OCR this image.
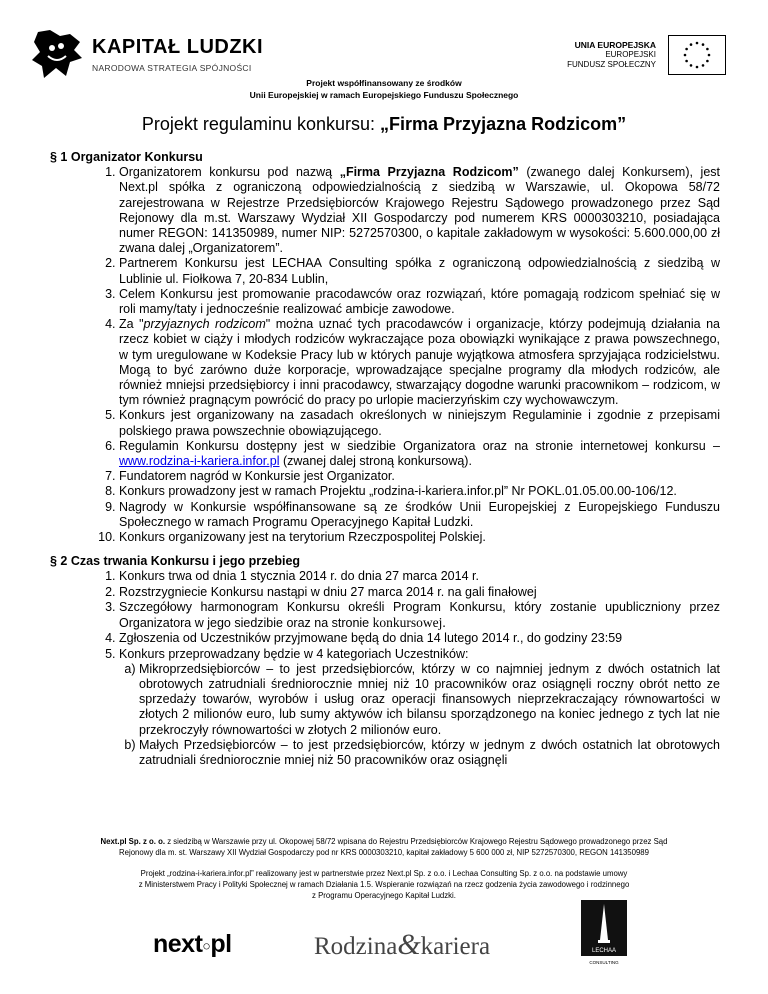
KAPITAŁ LUDZKI
NARODOWA STRATEGIA SPÓJNOŚCI
UNIA EUROPEJSKA
EUROPEJSKI
FUNDUSZ SPOŁECZNY
Projekt współfinansowany ze środków
Unii Europejskiej w ramach Europejskiego Funduszu Społecznego
Projekt regulaminu konkursu: „Firma Przyjazna Rodzicom”

§ 1 Organizator Konkursu

1. Organizatorem konkursu pod nazwą „Firma Przyjazna Rodzicom” (zwanego dalej Konkursem), jest Next.pl spółka z ograniczoną odpowiedzialnością z siedzibą w Warszawie, ul. Okopowa 58/72 zarejestrowana w Rejestrze Przedsiębiorców Krajowego Rejestru Sądowego prowadzonego przez Sąd Rejonowy dla m.st. Warszawy Wydział XII Gospodarczy pod numerem KRS 0000303210, posiadająca numer REGON: 141350989, numer NIP: 5272570300, o kapitale zakładowym w wysokości: 5.600.000,00 zł zwana dalej „Organizatorem”.
2. Partnerem Konkursu jest LECHAA Consulting spółka z ograniczoną odpowiedzialnością z siedzibą w Lublinie ul. Fiołkowa 7, 20-834 Lublin,
3. Celem Konkursu jest promowanie pracodawców oraz rozwiązań, które pomagają rodzicom spełniać się w roli mamy/taty i jednocześnie realizować ambicje zawodowe.
4. Za "przyjaznych rodzicom" można uznać tych pracodawców i organizacje, którzy podejmują działania na rzecz kobiet w ciąży i młodych rodziców wykraczające poza obowiązki wynikające z prawa powszechnego, w tym uregulowane w Kodeksie Pracy lub w których panuje wyjątkowa atmosfera sprzyjająca rodzicielstwu. Mogą to być zarówno duże korporacje, wprowadzające specjalne programy dla młodych rodziców, ale również mniejsi przedsiębiorcy i inni pracodawcy, stwarzający dogodne warunki pracownikom – rodzicom, w tym również pragnącym powrócić do pracy po urlopie macierzyńskim czy wychowawczym.
5. Konkurs jest organizowany na zasadach określonych w niniejszym Regulaminie i zgodnie z przepisami polskiego prawa powszechnie obowiązującego.
6. Regulamin Konkursu dostępny jest w siedzibie Organizatora oraz na stronie internetowej konkursu – www.rodzina-i-kariera.infor.pl (zwanej dalej stroną konkursową).
7. Fundatorem nagród w Konkursie jest Organizator.
8. Konkurs prowadzony jest w ramach Projektu „rodzina-i-kariera.infor.pl” Nr POKL.01.05.00.00-106/12.
9. Nagrody w Konkursie współfinansowane są ze środków Unii Europejskiej z Europejskiego Funduszu Społecznego w ramach Programu Operacyjnego Kapitał Ludzki.
10. Konkurs organizowany jest na terytorium Rzeczpospolitej Polskiej.

§ 2 Czas trwania Konkursu i jego przebieg

1. Konkurs trwa od dnia 1 stycznia 2014 r. do dnia 27 marca 2014 r.
2. Rozstrzygniecie Konkursu nastąpi w dniu 27 marca 2014 r. na gali finałowej
3. Szczegółowy harmonogram Konkursu określi Program Konkursu, który zostanie upubliczniony przez Organizatora w jego siedzibie oraz na stronie konkursowej.
4. Zgłoszenia od Uczestników przyjmowane będą do dnia 14 lutego 2014 r., do godziny 23:59
5. Konkurs przeprowadzany będzie w 4 kategoriach Uczestników:
a. Mikroprzedsiębiorców – to jest przedsiębiorców, którzy w co najmniej jednym z dwóch ostatnich lat obrotowych zatrudniali średniorocznie mniej niż 10 pracowników oraz osiągnęli roczny obrót netto ze sprzedaży towarów, wyrobów i usług oraz operacji finansowych nieprzekraczający równowartości w złotych 2 milionów euro, lub sumy aktywów ich bilansu sporządzonego na koniec jednego z tych lat nie przekroczyły równowartości w złotych 2 milionów euro.
b. Małych Przedsiębiorców – to jest przedsiębiorców, którzy w jednym z dwóch ostatnich lat obrotowych zatrudniali średniorocznie mniej niż 50 pracowników oraz osiągnęli
Next.pl Sp. z o. o. z siedzibą w Warszawie przy ul. Okopowej 58/72 wpisana do Rejestru Przedsiębiorców Krajowego Rejestru Sądowego prowadzonego przez Sąd
Rejonowy dla m. st. Warszawy XII Wydział Gospodarczy pod nr KRS 0000303210, kapitał zakładowy 5 600 000 zł, NIP 5272570300, REGON 141350989
Projekt „rodzina-i-kariera.infor.pl” realizowany jest w partnerstwie przez Next.pl Sp. z o.o. i Lechaa Consulting Sp. z o.o. na podstawie umowy
z Ministerstwem Pracy i Polityki Społecznej w ramach Działania 1.5. Wspieranie rozwiązań na rzecz godzenia życia zawodowego i rodzinnego
z Programu Operacyjnego Kapitał Ludzki.
next○pl	Rodzina&kariera	LECHAA
CONSULTING
